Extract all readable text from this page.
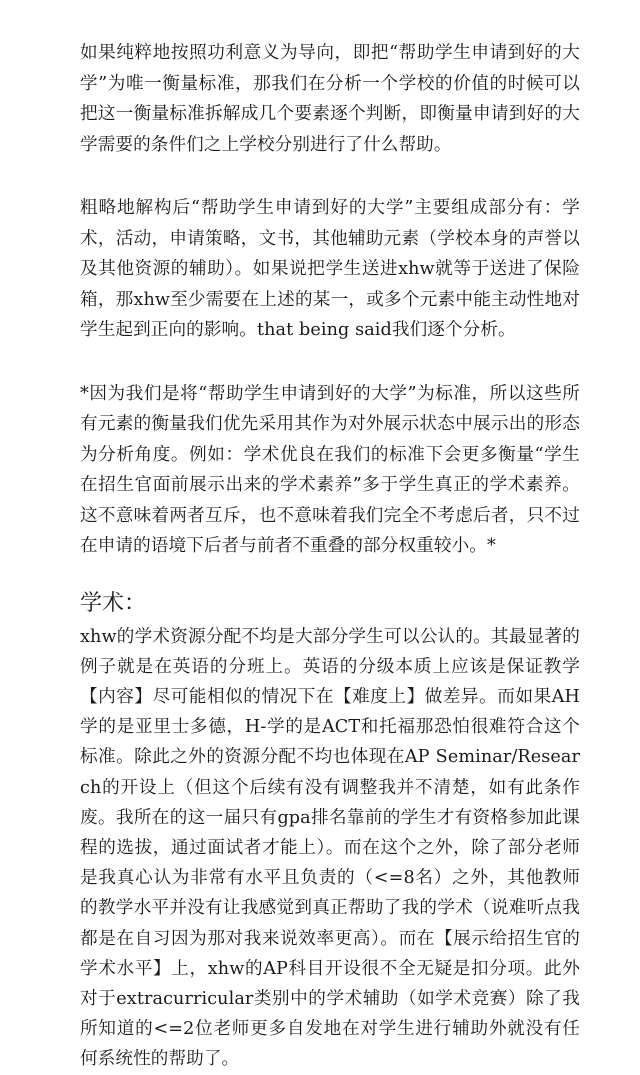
如果纯粹地按照功利意义为导向，即把“帮助学生申请到好的大学”为唯一衡量标准，那我们在分析一个学校的价值的时候可以把这一衡量标准拆解成几个要素逐个判断，即衡量申请到好的大学需要的条件们之上学校分别进行了什么帮助。

粗略地解构后“帮助学生申请到好的大学”主要组成部分有：学术，活动，申请策略，文书，其他辅助元素（学校本身的声誉以及其他资源的辅助）。如果说把学生送进xhw就等于送进了保险箱，那xhw至少需要在上述的某一，或多个元素中能主动性地对学生起到正向的影响。that being said我们逐个分析。

*因为我们是将“帮助学生申请到好的大学”为标准，所以这些所有元素的衡量我们优先采用其作为对外展示状态中展示出的形态为分析角度。例如：学术优良在我们的标准下会更多衡量“学生在招生官面前展示出来的学术素养”多于学生真正的学术素养。这不意味着两者互斥，也不意味着我们完全不考虑后者，只不过在申请的语境下后者与前者不重叠的部分权重较小。*

学术：

xhw的学术资源分配不均是大部分学生可以公认的。其最显著的例子就是在英语的分班上。英语的分级本质上应该是保证教学【内容】尽可能相似的情况下在【难度上】做差异。而如果AH学的是亚里士多德，H-学的是ACT和托福那恐怕很难符合这个标准。除此之外的资源分配不均也体现在AP Seminar/Research的开设上（但这个后续有没有调整我并不清楚，如有此条作废。我所在的这一届只有gpa排名靠前的学生才有资格参加此课程的选拔，通过面试者才能上）。而在这个之外，除了部分老师是我真心认为非常有水平且负责的（<=8名）之外，其他教师的教学水平并没有让我感觉到真正帮助了我的学术（说难听点我都是在自习因为那对我来说效率更高）。而在【展示给招生官的学术水平】上，xhw的AP科目开设很不全无疑是扣分项。此外对于extracurricular类别中的学术辅助（如学术竞赛）除了我所知道的<=2位老师更多自发地在对学生进行辅助外就没有任何系统性的帮助了。
